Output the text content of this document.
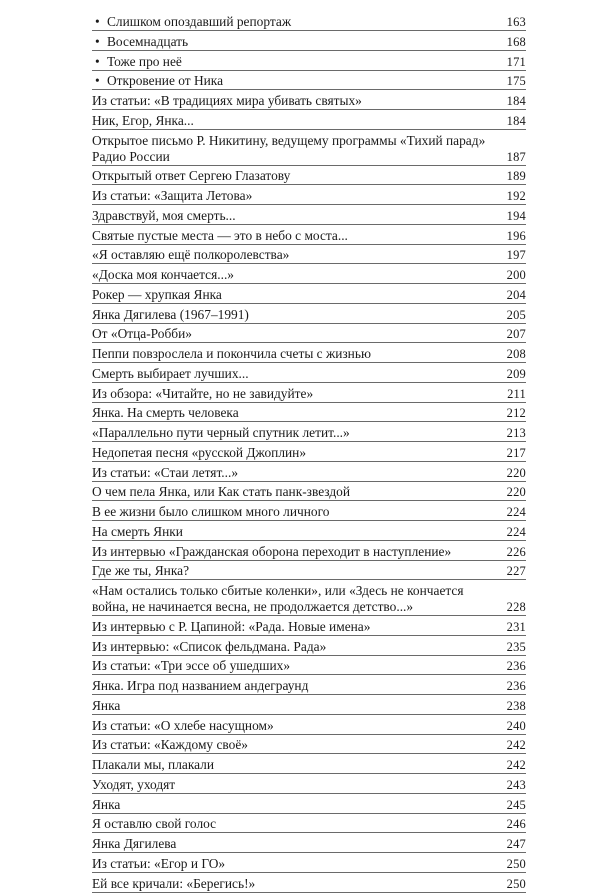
• Слишком опоздавший репортаж	163
• Восемнадцать	168
• Тоже про неё	171
• Откровение от Ника	175
Из статьи: «В традициях мира убивать святых»	184
Ник, Егор, Янка...	184
Открытое письмо Р. Никитину, ведущему программы «Тихий парад» Радио России	187
Открытый ответ Сергею Глазатову	189
Из статьи: «Защита Летова»	192
Здравствуй, моя смерть...	194
Святые пустые места — это в небо с моста...	196
«Я оставляю ещё полкоролевства»	197
«Доска моя кончается...»	200
Рокер — хрупкая Янка	204
Янка Дягилева (1967–1991)	205
От «Отца-Робби»	207
Пеппи повзрослела и покончила счеты с жизнью	208
Смерть выбирает лучших...	209
Из обзора: «Читайте, но не завидуйте»	211
Янка. На смерть человека	212
«Параллельно пути черный спутник летит...»	213
Недопетая песня «русской Джоплин»	217
Из статьи: «Стаи летят...»	220
О чем пела Янка, или Как стать панк-звездой	220
В ее жизни было слишком много личного	224
На смерть Янки	224
Из интервью «Гражданская оборона переходит в наступление»	226
Где же ты, Янка?	227
«Нам остались только сбитые коленки», или «Здесь не кончается война, не начинается весна, не продолжается детство...»	228
Из интервью с Р. Цапиной: «Рада. Новые имена»	231
Из интервью: «Список фельдмана. Рада»	235
Из статьи: «Три эссе об ушедших»	236
Янка. Игра под названием андеграунд	236
Янка	238
Из статьи: «О хлебе насущном»	240
Из статьи: «Каждому своё»	242
Плакали мы, плакали	242
Уходят, уходят	243
Янка	245
Я оставлю свой голос	246
Янка Дягилева	247
Из статьи: «Егор и ГО»	250
Ей все кричали: «Берегись!»	250
